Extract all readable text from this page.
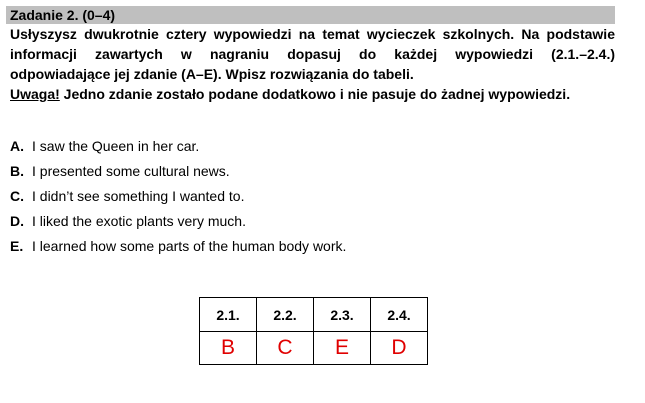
Zadanie 2. (0–4)
Usłyszysz dwukrotnie cztery wypowiedzi na temat wycieczek szkolnych. Na podstawie
informacji zawartych w nagraniu dopasuj do każdej wypowiedzi (2.1.–2.4.)
odpowiadające jej zdanie (A–E). Wpisz rozwiązania do tabeli.
Uwaga! Jedno zdanie zostało podane dodatkowo i nie pasuje do żadnej wypowiedzi.
A. I saw the Queen in her car.
B. I presented some cultural news.
C. I didn’t see something I wanted to.
D. I liked the exotic plants very much.
E. I learned how some parts of the human body work.
2.1.	2.2.	2.3.	2.4.
B	C	E	D
